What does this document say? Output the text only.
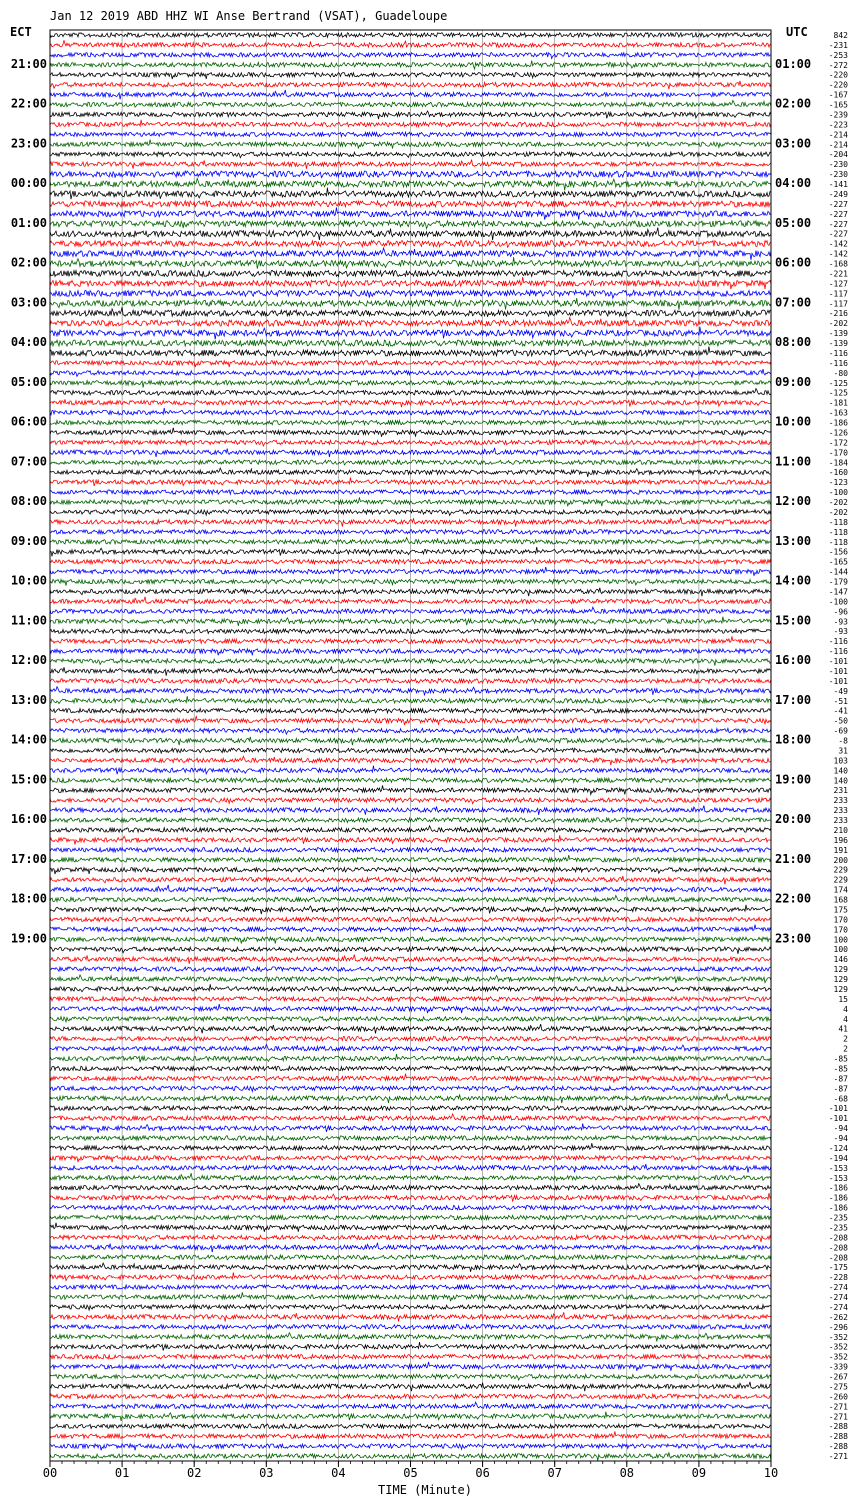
Jan 12 2019 ABD HHZ WI Anse Bertrand (VSAT), Guadeloupe
842
-231
-253
-272
-220
-220
-167
-165
-239
-223
-214
-214
-204
-230
-230
-141
-249
-227
-227
-227
-227
-142
-142
-168
-221
-127
-117
-117
-216
-202
-139
-139
-116
-116
-80
-125
-125
-181
-163
-186
-126
-172
-170
-184
-160
-123
-100
-202
-202
-118
-118
-118
-156
-165
-144
-179
-147
-100
-96
-93
-93
-116
-116
-101
-101
-101
-49
-51
-41
-50
-69
-8
31
103
140
140
231
233
233
233
210
196
191
200
229
229
174
168
175
170
170
100
100
146
129
129
129
15
4
4
41
2
2
-85
-85
-87
-87
-68
-101
-101
-94
-94
-124
-194
-153
-153
-186
-186
-186
-235
-235
-208
-208
-208
-175
-228
-274
-274
-274
-262
-296
-352
-352
-352
-339
-267
-275
-260
-271
-271
-288
-288
-288
-271
21:00	01:00
22:00	02:00
23:00	03:00
00:00	04:00
01:00	05:00
02:00	06:00
03:00	07:00
04:00	08:00
05:00	09:00
06:00	10:00
07:00	11:00
08:00	12:00
09:00	13:00
10:00	14:00
11:00	15:00
12:00	16:00
13:00	17:00
14:00	18:00
15:00	19:00
16:00	20:00
17:00	21:00
18:00	22:00
19:00	23:00
00	01	02	03	04	05	06	07	08	09	10
ECT	UTC
TIME (Minute)
